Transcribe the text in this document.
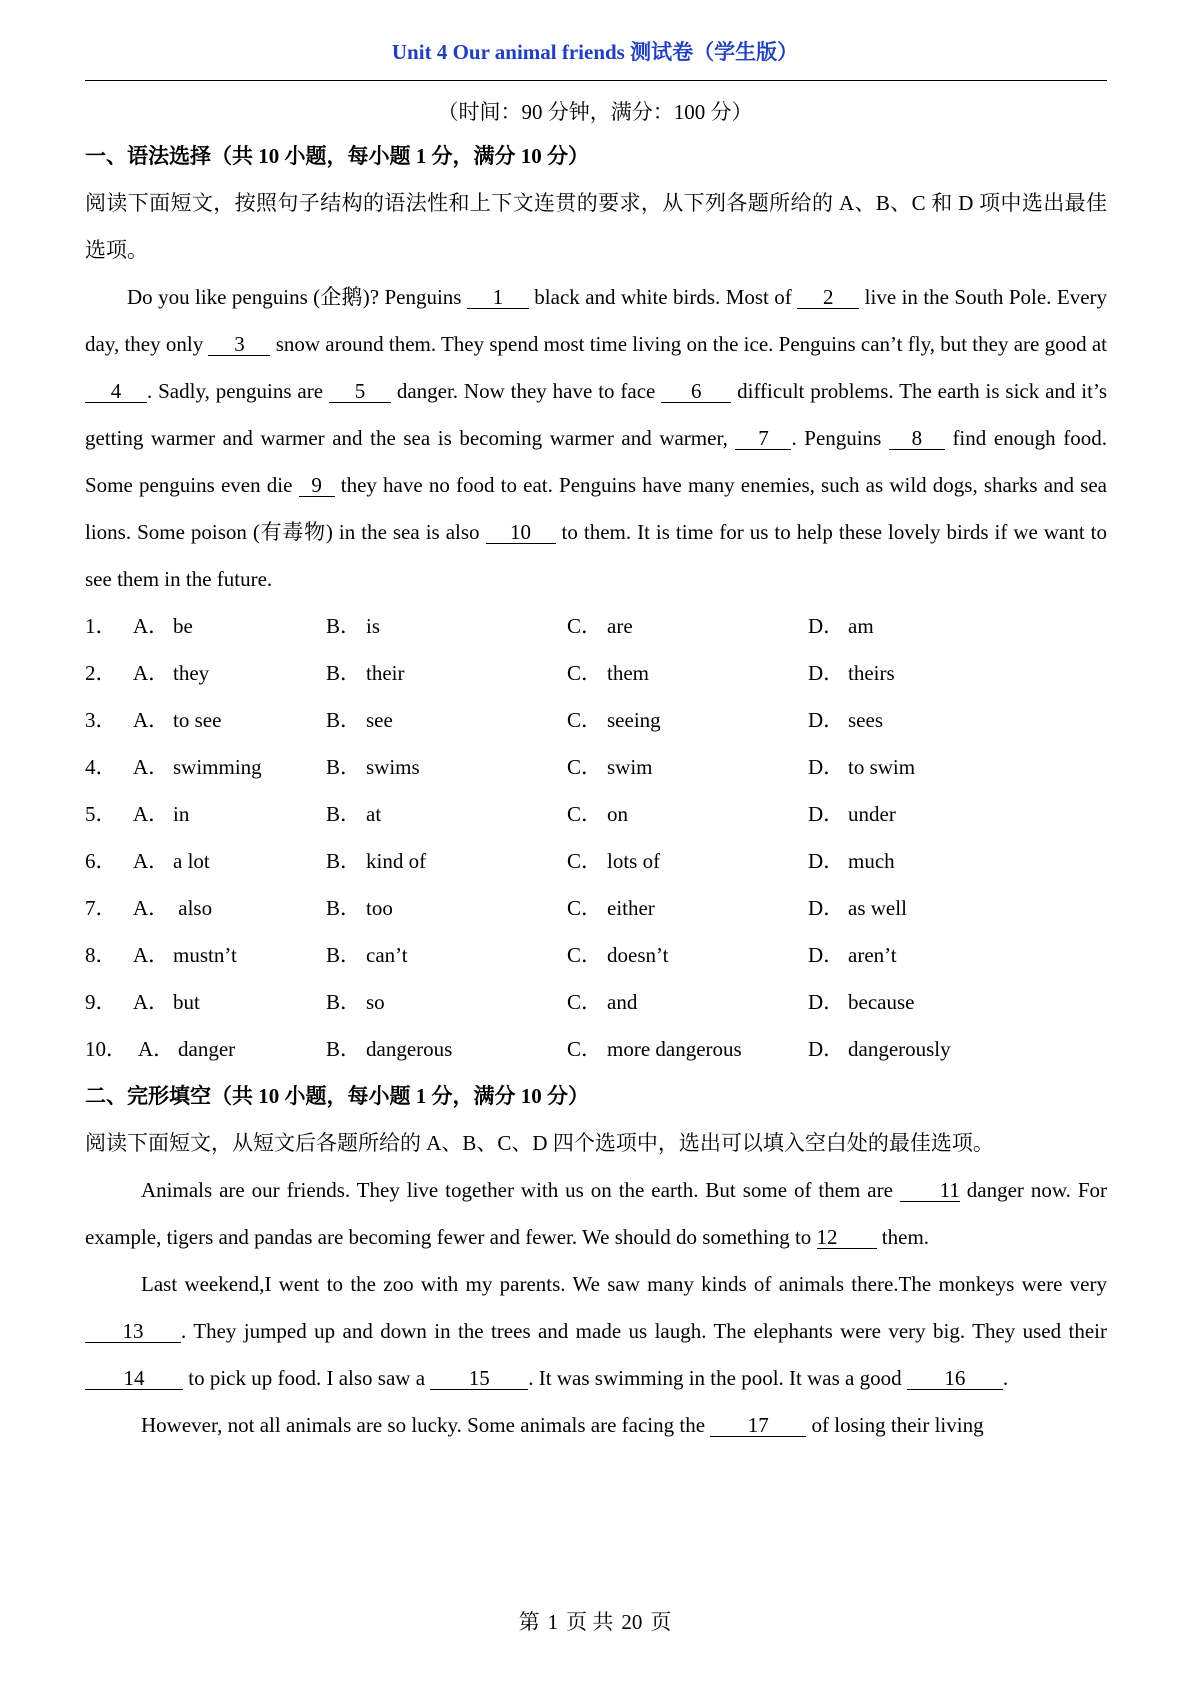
Unit 4 Our animal friends 测试卷（学生版）
（时间：90 分钟，满分：100 分）

一、语法选择（共 10 小题，每小题 1 分，满分 10 分）

阅读下面短文，按照句子结构的语法性和上下文连贯的要求，从下列各题所给的 A、B、C 和 D 项中选出最佳选项。

Do you like penguins (企鹅)? Penguins 1 black and white birds. Most of 2 live in the South Pole. Every day, they only 3 snow around them. They spend most time living on the ice. Penguins can’t fly, but they are good at 4 . Sadly, penguins are 5 danger. Now they have to face 6 difficult problems. The earth is sick and it’s getting warmer and warmer and the sea is becoming warmer and warmer, 7 . Penguins 8 find enough food. Some penguins even die 9 they have no food to eat. Penguins have many enemies, such as wild dogs, sharks and sea lions. Some poison (有毒物) in the sea is also 10 to them. It is time for us to help these lovely birds if we want to see them in the future.

1． A． be	B． is	C． are	D． am
2． A． they	B． their	C． them	D． theirs
3． A． to see	B． see	C． seeing	D． sees
4． A． swimming	B． swims	C． swim	D． to swim
5． A． in	B． at	C． on	D． under
6． A． a lot	B． kind of	C． lots of	D． much
7． A． also	B． too	C． either	D． as well
8． A． mustn’t	B． can’t	C． doesn’t	D． aren’t
9． A． but	B． so	C． and	D． because
10． A． danger	B． dangerous	C． more dangerous	D． dangerously

二、完形填空（共 10 小题，每小题 1 分，满分 10 分）

阅读下面短文，从短文后各题所给的 A、B、C、D 四个选项中，选出可以填入空白处的最佳选项。

Animals are our friends. They live together with us on the earth. But some of them are 11 danger now. For example, tigers and pandas are becoming fewer and fewer. We should do something to 12 them.

Last weekend,I went to the zoo with my parents. We saw many kinds of animals there.The monkeys were very 13 . They jumped up and down in the trees and made us laugh. The elephants were very big. They used their 14 to pick up food. I also saw a 15 . It was swimming in the pool. It was a good 16 .

However, not all animals are so lucky. Some animals are facing the 17 of losing their living

第 1 页 共 20 页
